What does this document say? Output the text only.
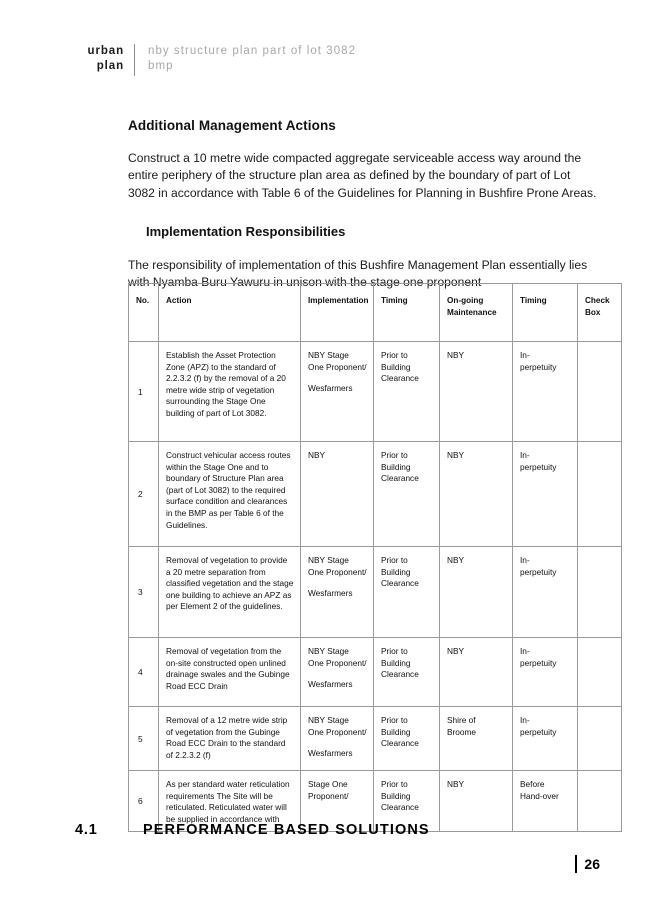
urban
plan
nby structure plan part of lot 3082
bmp
Additional Management Actions

Construct a 10 metre wide compacted aggregate serviceable access way around the entire periphery of the structure plan area as defined by the boundary of part of Lot 3082 in accordance with Table 6 of the Guidelines for Planning in Bushfire Prone Areas.

Implementation Responsibilities

The responsibility of implementation of this Bushfire Management Plan essentially lies with Nyamba Buru Yawuru in unison with the stage one proponent

No.	Action	Implementation	Timing	On-going
Maintenance	Timing	Check
Box

1	Establish the Asset Protection Zone (APZ) to the standard of 2.2.3.2 (f) by the removal of a 20 metre wide strip of vegetation surrounding the Stage One building of part of Lot 3082.	NBY Stage
One Proponent/
Wesfarmers	Prior to
Building
Clearance	NBY	In-
perpetuity	

2	Construct vehicular access routes within the Stage One and to boundary of Structure Plan area (part of Lot 3082) to the required surface condition and clearances in the BMP as per Table 6 of the Guidelines.	
NBY	Prior to
Building
Clearance
	NBY	In-
perpetuity

3	Removal of vegetation to provide a 20 metre separation from classified vegetation and the stage one building to achieve an APZ as per Element 2 of the guidelines.	NBY Stage
One Proponent/
Wesfarmers	Prior to
Building
Clearance	NBY	In-
perpetuity	

4	Removal of vegetation from the on-site constructed open unlined drainage swales and the Gubinge Road ECC Drain	NBY Stage
One Proponent/
Wesfarmers	Prior to
Building
Clearance	NBY	In-
perpetuity	

5	Removal of a 12 metre wide strip of vegetation from the Gubinge Road ECC Drain to the standard of 2.2.3.2 (f)	NBY Stage
One Proponent/
Wesfarmers	Prior to
Building
Clearance	Shire of Broome	In-
perpetuity	

6	As per standard water reticulation requirements The Site will be reticulated. Reticulated water will be supplied in accordance with	Stage One
Proponent/	Prior to
Building
Clearance	NBY	Before
Hand-over	

4.1	PERFORMANCE BASED SOLUTIONS
26
